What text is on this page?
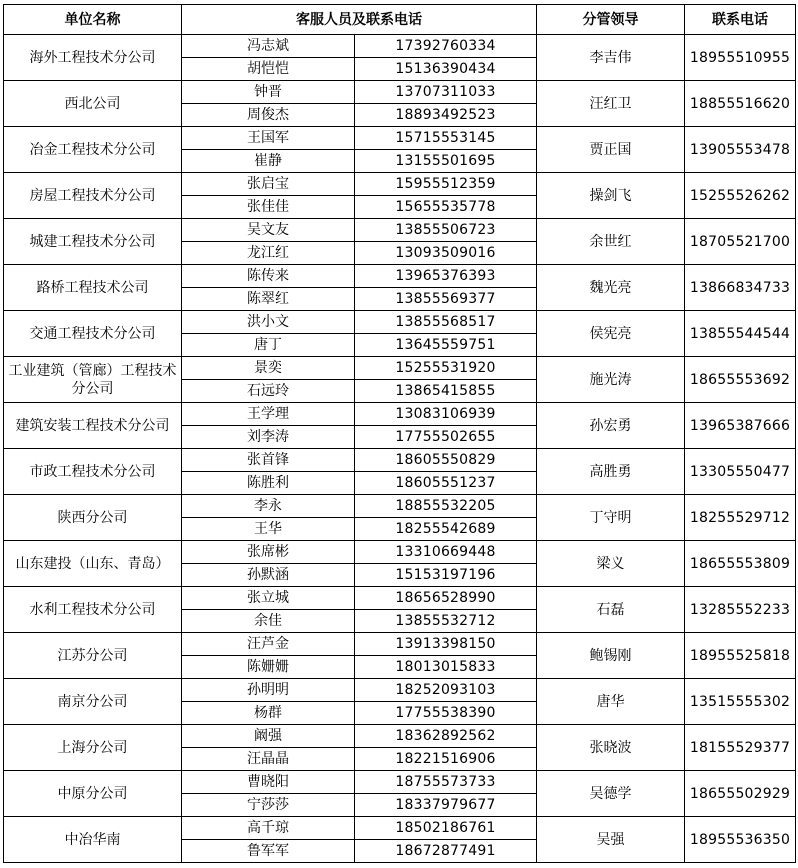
单位名称	客服人员及联系电话		分管领导	联系电话
海外工程技术分公司	冯志斌	17392760334	李吉伟	18955510955
	胡恺恺	15136390434		
西北公司	钟晋	13707311033	汪红卫	18855516620
	周俊杰	18893492523		
冶金工程技术分公司	王国军	15715553145	贾正国	13905553478
	崔静	13155501695		
房屋工程技术分公司	张启宝	15955512359	操剑飞	15255526262
	张佳佳	15655535778		
城建工程技术分公司	吴文友	13855506723	余世红	18705521700
	龙江红	13093509016		
路桥工程技术公司	陈传来	13965376393	魏光亮	13866834733
	陈翠红	13855569377		
交通工程技术分公司	洪小文	13855568517	侯宪亮	13855544544
	唐丁	13645559751		
工业建筑（管廊）工程技术分公司	景奕	15255531920	施光涛	18655553692
	石远玲	13865415855		
建筑安装工程技术分公司	王学理	13083106939	孙宏勇	13965387666
	刘李涛	17755502655		
市政工程技术分公司	张首锋	18605550829	高胜勇	13305550477
	陈胜利	18605551237		
陕西分公司	李永	18855532205	丁守明	18255529712
	王华	18255542689		
山东建投（山东、青岛）	张席彬	13310669448	梁义	18655553809
	孙默涵	15153197196		
水利工程技术分公司	张立城	18656528990	石磊	13285552233
	余佳	13855532712		
江苏分公司	汪芦金	13913398150	鲍锡刚	18955525818
	陈姗姗	18013015833		
南京分公司	孙明明	18252093103	唐华	13515555302
	杨群	17755538390		
上海分公司	阚强	18362892562	张晓波	18155529377
	汪晶晶	18221516906		
中原分公司	曹晓阳	18755573733	吴德学	18655502929
	宁莎莎	18337979677		
中冶华南	高千琼	18502186761	吴强	18955536350
	鲁军军	18672877491		
